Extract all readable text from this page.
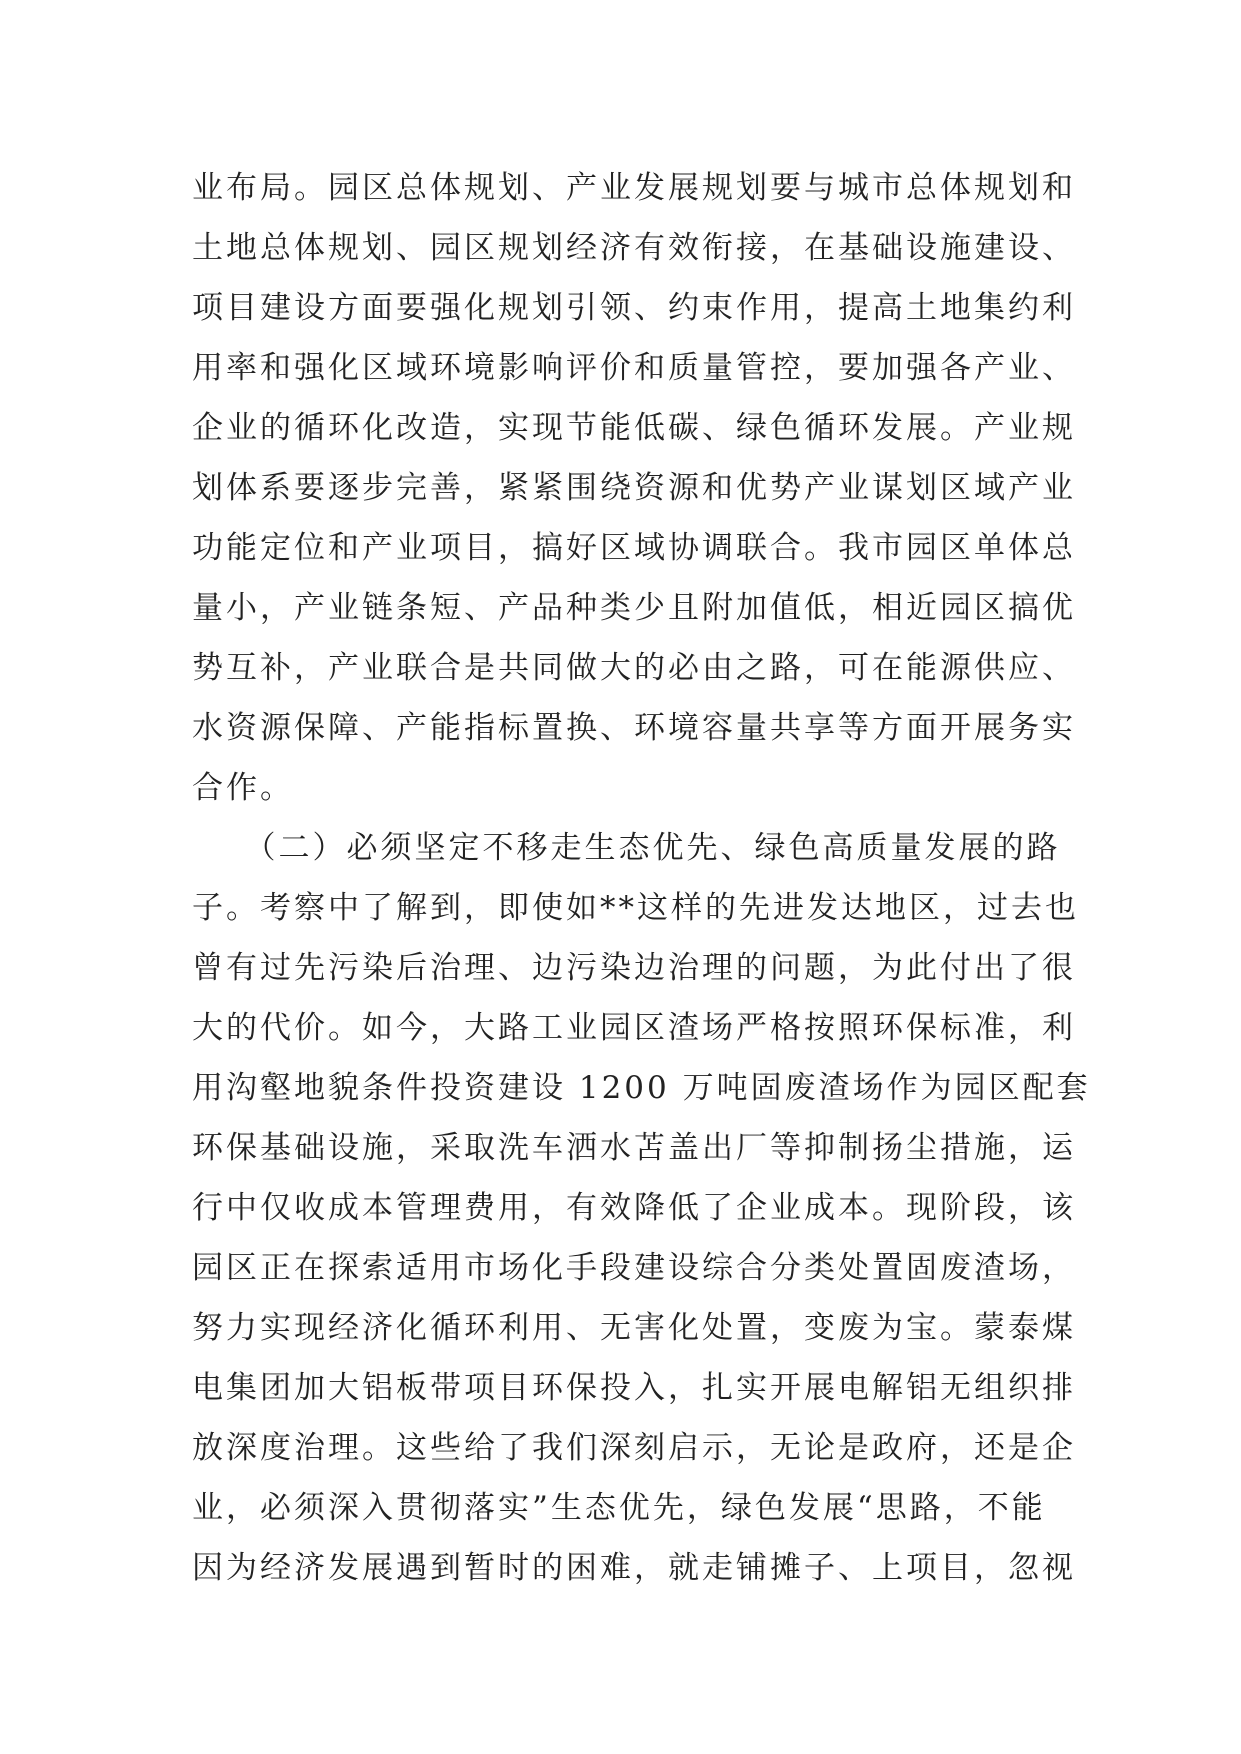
业布局。园区总体规划、产业发展规划要与城市总体规划和
土地总体规划、园区规划经济有效衔接，在基础设施建设、
项目建设方面要强化规划引领、约束作用，提高土地集约利
用率和强化区域环境影响评价和质量管控，要加强各产业、
企业的循环化改造，实现节能低碳、绿色循环发展。产业规
划体系要逐步完善，紧紧围绕资源和优势产业谋划区域产业
功能定位和产业项目，搞好区域协调联合。我市园区单体总
量小，产业链条短、产品种类少且附加值低，相近园区搞优
势互补，产业联合是共同做大的必由之路，可在能源供应、
水资源保障、产能指标置换、环境容量共享等方面开展务实
合作。
　　（二）必须坚定不移走生态优先、绿色高质量发展的路
子。考察中了解到，即使如**这样的先进发达地区，过去也
曾有过先污染后治理、边污染边治理的问题，为此付出了很
大的代价。如今，大路工业园区渣场严格按照环保标准，利
用沟壑地貌条件投资建设 1200 万吨固废渣场作为园区配套
环保基础设施，采取洗车洒水苫盖出厂等抑制扬尘措施，运
行中仅收成本管理费用，有效降低了企业成本。现阶段，该
园区正在探索适用市场化手段建设综合分类处置固废渣场，
努力实现经济化循环利用、无害化处置，变废为宝。蒙泰煤
电集团加大铝板带项目环保投入，扎实开展电解铝无组织排
放深度治理。这些给了我们深刻启示，无论是政府，还是企
业，必须深入贯彻落实”生态优先，绿色发展“思路，不能
因为经济发展遇到暂时的困难，就走铺摊子、上项目，忽视
